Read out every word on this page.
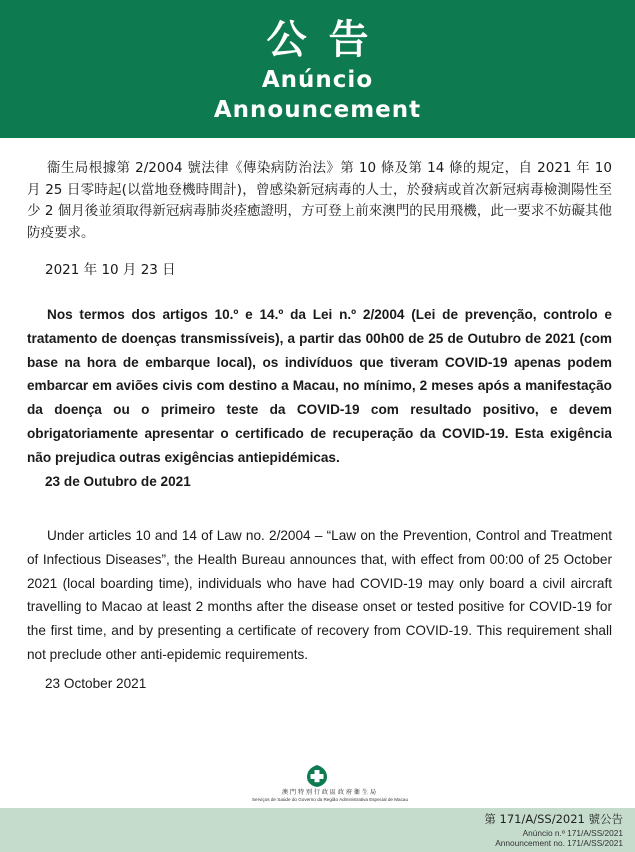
公告
Anúncio
Announcement
衞生局根據第 2/2004 號法律《傳染病防治法》第 10 條及第 14 條的規定，自 2021 年 10 月 25 日零時起(以當地登機時間計)，曾感染新冠病毒的人士，於發病或首次新冠病毒檢測陽性至少 2 個月後並須取得新冠病毒肺炎痊癒證明，方可登上前來澳門的民用飛機，此一要求不妨礙其他防疫要求。
2021 年 10 月 23 日
Nos termos dos artigos 10.º e 14.º da Lei n.º 2/2004 (Lei de prevenção, controlo e tratamento de doenças transmissíveis), a partir das 00h00 de 25 de Outubro de 2021 (com base na hora de embarque local), os indivíduos que tiveram COVID-19 apenas podem embarcar em aviões civis com destino a Macau, no mínimo, 2 meses após a manifestação da doença ou o primeiro teste da COVID-19 com resultado positivo, e devem obrigatoriamente apresentar o certificado de recuperação da COVID-19. Esta exigência não prejudica outras exigências antiepidémicas.
23 de Outubro de 2021
Under articles 10 and 14 of Law no. 2/2004 – “Law on the Prevention, Control and Treatment of Infectious Diseases”, the Health Bureau announces that, with effect from 00:00 of 25 October 2021 (local boarding time), individuals who have had COVID-19 may only board a civil aircraft travelling to Macao at least 2 months after the disease onset or tested positive for COVID-19 for the first time, and by presenting a certificate of recovery from COVID-19. This requirement shall not preclude other anti-epidemic requirements.
23 October 2021
澳門特別行政區政府衞生局
Serviços de Saúde do Governo da Região Administrativa Especial de Macau
第 171/A/SS/2021 號公告
Anúncio n.º 171/A/SS/2021
Announcement no. 171/A/SS/2021
